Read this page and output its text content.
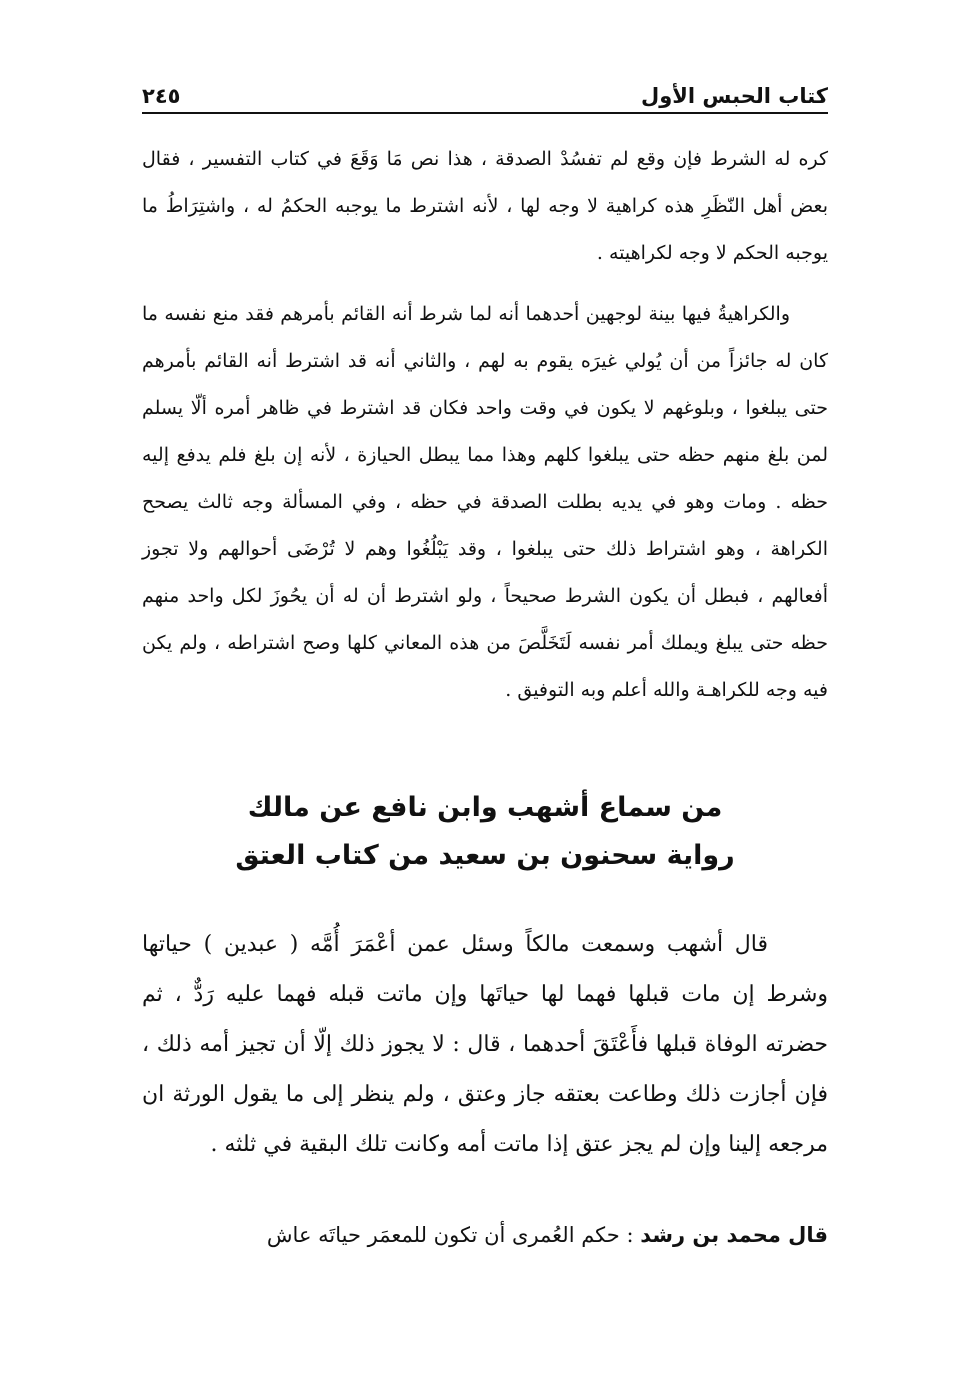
كتاب الحبس الأول
٢٤٥

كره له الشرط فإن وقع لم تفسُدْ الصدقة ، هذا نص مَا وَقَعَ في كتاب التفسير ، فقال بعض أهل النّظَرِ هذه كراهية لا وجه لها ، لأنه اشترط ما يوجبه الحكمُ له ، واشتِرَاطُ ما يوجبه الحكم لا وجه لكراهيته .

والكراهيةُ فيها بينة لوجهين أحدهما أنه لما شرط أنه القائم بأمرهم فقد منع نفسه ما كان له جائزاً من أن يُولي غيرَه يقوم به لهم ، والثاني أنه قد اشترط أنه القائم بأمرهم حتى يبلغوا ، وبلوغهم لا يكون في وقت واحد فكان قد اشترط في ظاهر أمره ألّا يسلم لمن بلغ منهم حظه حتى يبلغوا كلهم وهذا مما يبطل الحيازة ، لأنه إن بلغ فلم يدفع إليه حظه . ومات وهو في يديه بطلت الصدقة في حظه ، وفي المسألة وجه ثالث يصحح الكراهة ، وهو اشتراط ذلك حتى يبلغوا ، وقد يَبْلُغُوا وهم لا تُرْضَى أحوالهم ولا تجوز أفعالهم ، فبطل أن يكون الشرط صحيحاً ، ولو اشترط أن له أن يحُوزَ لكل واحد منهم حظه حتى يبلغ ويملك أمر نفسه لَتَخَلَّصَ من هذه المعاني كلها وصح اشتراطه ، ولم يكن فيه وجه للكراهـة والله أعلم وبه التوفيق .

من سماع أشهب وابن نافع عن مالك
رواية سحنون بن سعيد من كتاب العتق

قال أشهب وسمعت مالكاً وسئل عمن أعْمَرَ أُمَّه ( عبدين ) حياتها وشرط إن مات قبلها فهما لها حياتَها وإن ماتت قبله فهما عليه رَدٌّ ، ثم حضرته الوفاة قبلها فأَعْتَقَ أحدهما ، قال : لا يجوز ذلك إلّا أن تجيز أمه ذلك ، فإن أجازت ذلك وطاعت بعتقه جاز وعتق ، ولم ينظر إلى ما يقول الورثة ان مرجعه إلينا وإن لم يجز عتق إذا ماتت أمه وكانت تلك البقية في ثلثه .

قال محمد بن رشد : حكم العُمرى أن تكون للمعمَر حياتَه عاش
